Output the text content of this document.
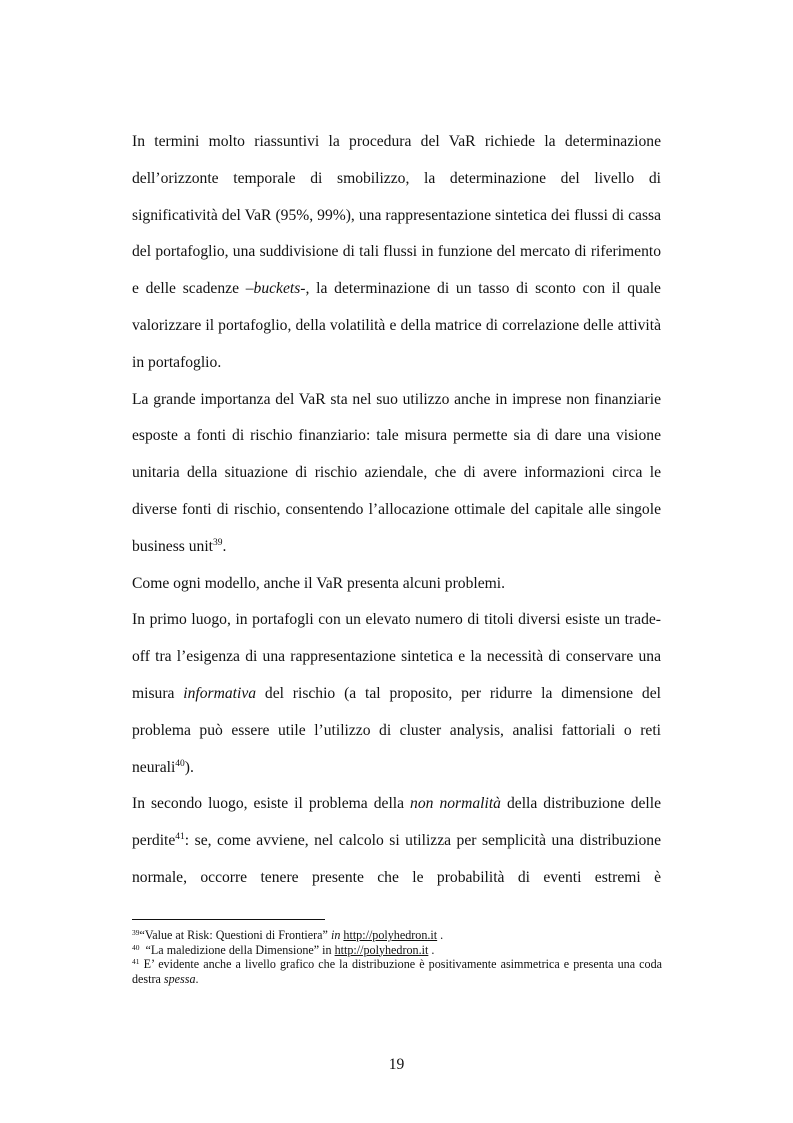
In termini molto riassuntivi la procedura del VaR richiede la determinazione dell’orizzonte temporale di smobilizzo, la determinazione del livello di significatività del VaR (95%, 99%), una rappresentazione sintetica dei flussi di cassa del portafoglio, una suddivisione di tali flussi in funzione del mercato di riferimento e delle scadenze –buckets-, la determinazione di un tasso di sconto con il quale valorizzare il portafoglio, della volatilità e della matrice di correlazione delle attività in portafoglio.

La grande importanza del VaR sta nel suo utilizzo anche in imprese non finanziarie esposte a fonti di rischio finanziario: tale misura permette sia di dare una visione unitaria della situazione di rischio aziendale, che di avere informazioni circa le diverse fonti di rischio, consentendo l’allocazione ottimale del capitale alle singole business unit$^{39}$.

Come ogni modello, anche il VaR presenta alcuni problemi.

In primo luogo, in portafogli con un elevato numero di titoli diversi esiste un trade-off tra l’esigenza di una rappresentazione sintetica e la necessità di conservare una misura informativa del rischio (a tal proposito, per ridurre la dimensione del problema può essere utile l’utilizzo di cluster analysis, analisi fattoriali o reti neurali$^{40}$).

In secondo luogo, esiste il problema della non normalità della distribuzione delle perdite$^{41}$: se, come avviene, nel calcolo si utilizza per semplicità una distribuzione normale, occorre tenere presente che le probabilità di eventi estremi è

$^{39}$“Value at Risk: Questioni di Frontiera” in http://polyhedron.it .

$^{40}$  “La maledizione della Dimensione” in http://polyhedron.it .

$^{41}$ E’ evidente anche a livello grafico che la distribuzione è positivamente asimmetrica e presenta una coda destra spessa.

19
